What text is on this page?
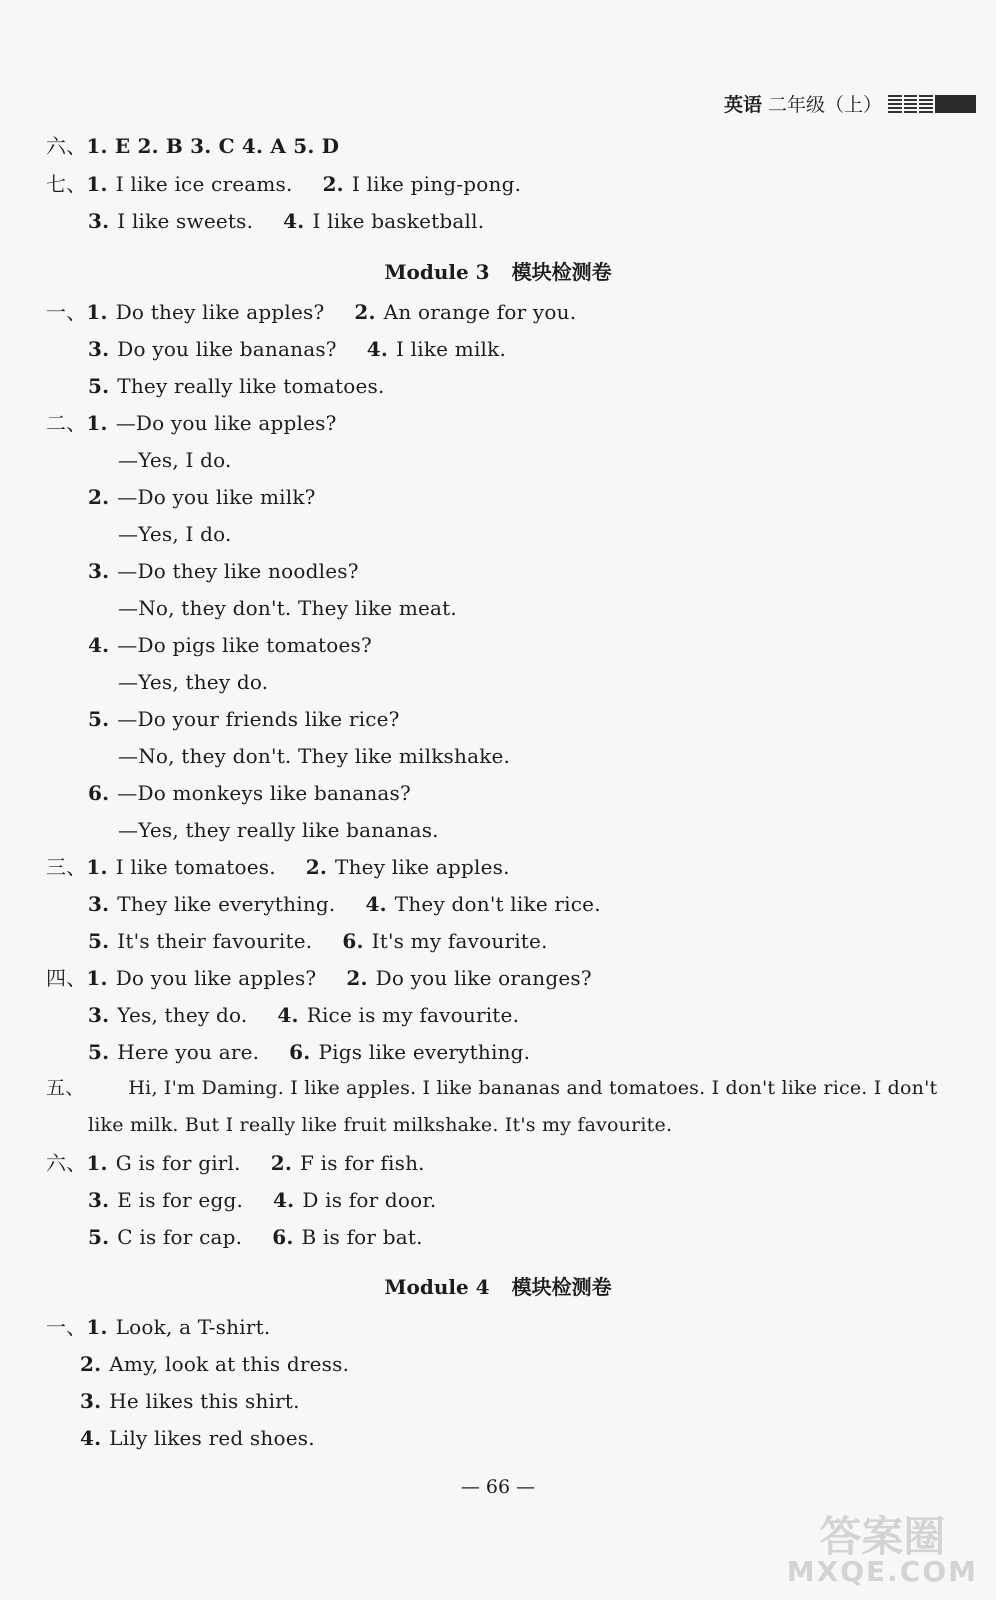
英语 二年级（上）
六、1. E 2. B 3. C 4. A 5. D
七、1. I like ice creams. 2. I like ping-pong.
3. I like sweets. 4. I like basketball.
Module 3 模块检测卷
一、1. Do they like apples? 2. An orange for you.
3. Do you like bananas? 4. I like milk.
5. They really like tomatoes.
二、1. —Do you like apples?
—Yes, I do.
2. —Do you like milk?
—Yes, I do.
3. —Do they like noodles?
—No, they don't. They like meat.
4. —Do pigs like tomatoes?
—Yes, they do.
5. —Do your friends like rice?
—No, they don't. They like milkshake.
6. —Do monkeys like bananas?
—Yes, they really like bananas.
三、1. I like tomatoes. 2. They like apples.
3. They like everything. 4. They don't like rice.
5. It's their favourite. 6. It's my favourite.
四、1. Do you like apples? 2. Do you like oranges?
3. Yes, they do. 4. Rice is my favourite.
5. Here you are. 6. Pigs like everything.
五、 Hi, I'm Daming. I like apples. I like bananas and tomatoes. I don't like rice. I don't
like milk. But I really like fruit milkshake. It's my favourite.
六、1. G is for girl. 2. F is for fish.
3. E is for egg. 4. D is for door.
5. C is for cap. 6. B is for bat.
Module 4 模块检测卷
一、1. Look, a T-shirt.
2. Amy, look at this dress.
3. He likes this shirt.
4. Lily likes red shoes.
— 66 —
答案圈
MXQE.COM
